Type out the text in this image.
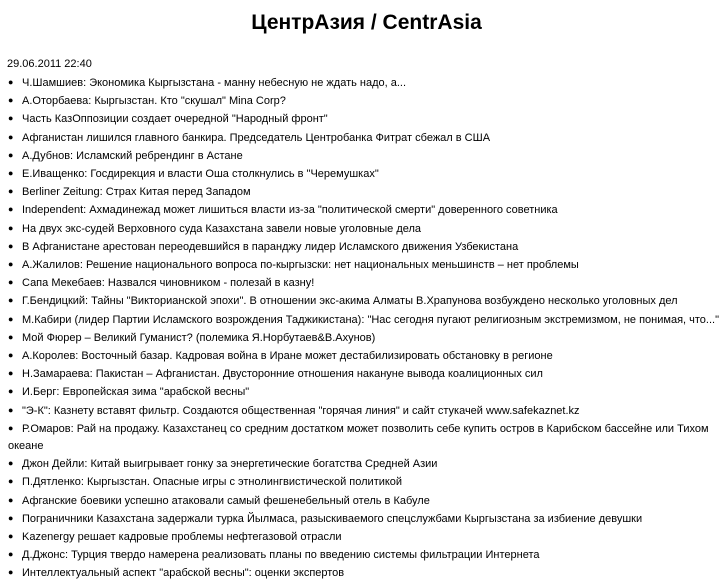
ЦентрАзия / CentrAsia
29.06.2011 22:40
● Ч.Шамшиев: Экономика Кыргызстана - манну небесную не ждать надо, а...
● А.Оторбаева: Кыргызстан. Кто "скушал" Mina Corp?
● Часть КазОппозиции создает очередной "Народный фронт"
● Афганистан лишился главного банкира. Председатель Центробанка Фитрат сбежал в США
● А.Дубнов: Исламский ребрендинг в Астане
● Е.Иващенко: Госдирекция и власти Оша столкнулись в "Черемушках"
● Berliner Zeitung: Страх Китая перед Западом
● Independent: Ахмадинежад может лишиться власти из-за "политической смерти" доверенного советника
● На двух экс-судей Верховного суда Казахстана завели новые уголовные дела
● В Афганистане арестован переодевшийся в паранджу лидер Исламского движения Узбекистана
● А.Жалилов: Решение национального вопроса по-кыргызски: нет национальных меньшинств – нет проблемы
● Сапа Мекебаев: Назвался чиновником - полезай в казну!
● Г.Бендицкий: Тайны "Викторианской эпохи". В отношении экс-акима Алматы В.Храпунова возбуждено несколько уголовных дел
● М.Кабири (лидер Партии Исламского возрождения Таджикистана): "Нас сегодня пугают религиозным экстремизмом, не понимая, что..."
● Мой Фюрер – Великий Гуманист? (полемика Я.Норбутаев&В.Ахунов)
● А.Королев: Восточный базар. Кадровая война в Иране может дестабилизировать обстановку в регионе
● Н.Замараева: Пакистан – Афганистан. Двусторонние отношения накануне вывода коалиционных сил
● И.Берг: Европейская зима "арабской весны"
● "Э-К": Казнету вставят фильтр. Создаются общественная "горячая линия" и сайт стукачей www.safekaznet.kz
● Р.Омаров: Рай на продажу. Казахстанец со средним достатком может позволить себе купить остров в Карибском бассейне или Тихом океане
● Джон Дейли: Китай выигрывает гонку за энергетические богатства Средней Азии
● П.Дятленко: Кыргызстан. Опасные игры с этнолингвистической политикой
● Афганские боевики успешно атаковали самый фешенебельный отель в Кабуле
● Пограничники Казахстана задержали турка Йылмаса, разыскиваемого спецслужбами Кыргызстана за избиение девушки
● Kazenergy решает кадровые проблемы нефтегазовой отрасли
● Д.Джонс: Турция твердо намерена реализовать планы по введению системы фильтрации Интернета
● Интеллектуальный аспект "арабской весны": оценки экспертов
